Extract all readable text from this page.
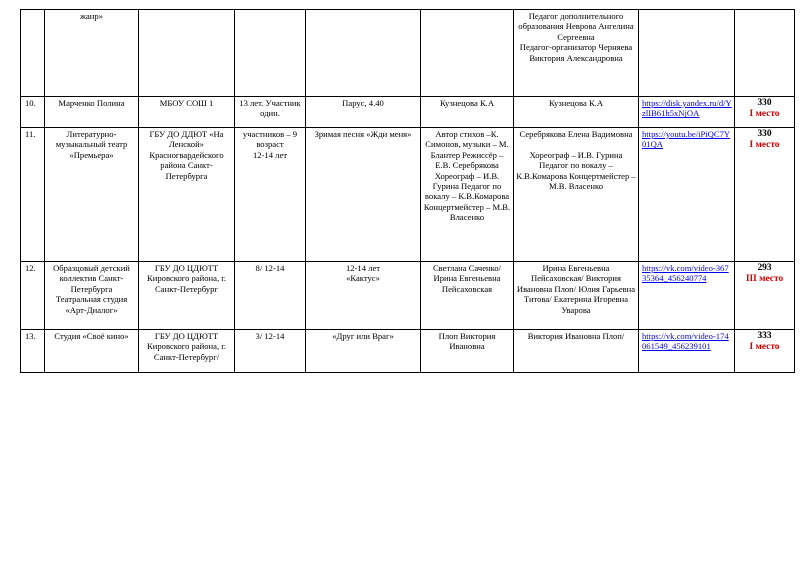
	жанр»					Педагог дополнительного образования Неврова Ангелина Сергеевна
Педагог-организатор Черняева Виктория Александровна		

10.	Марченко Полина	МБОУ СОШ 1	13 лет. Участник один.	Парус, 4.40	Кузнецова К.А	Кузнецова К.А	https://disk.yandex.ru/d/YzlIB61h5xNjOA	330
I место

11.	Литературно-музыкальный театр «Премьера»	ГБУ ДО ДДЮТ «На Ленской» Красногвардейского района Санкт-Петербурга	участников – 9
возраст
12-14 лет	Зримая песня «Жди меня»	Автор стихов –К. Симонов, музыки – М. Блантер Режиссёр – Е.В. Серебрякова Хореограф – И.В. Гурина Педагог по вокалу – К.В.Комарова Концертмейстер – М.В. Власенко	Серебрякова Елена Вадимовна

Хореограф – И.В. Гурина Педагог по вокалу – К.В.Комарова Концертмейстер – М.В. Власенко	https://youtu.be/iPiQC7Y01QA	330
I место

12.	Образцовый детский коллектив Санкт-Петербурга Театральная студия «Арт-Диалог»	ГБУ ДО ЦДЮТТ Кировского района, г. Санкт-Петербург	8/ 12-14	12-14 лет
«Кактус»	Светлана Саченко/ Ирина Евгеньевна Пейсаховская	Ирина Евгеньевна Пейсаховская/ Виктория Ивановна Плоп/ Юлия Гарьевна Титова/ Екатерина Игоревна Уварова	https://vk.com/video-36735364_456240774	293
III место

13.	Студия «Своё кино»	ГБУ ДО ЦДЮТТ Кировского района, г. Санкт-Петербург/	3/ 12-14	«Друг или Враг»	Плоп Виктория Ивановна	Виктория Ивановна Плоп/	https://vk.com/video-174061549_456239101	333
I место
